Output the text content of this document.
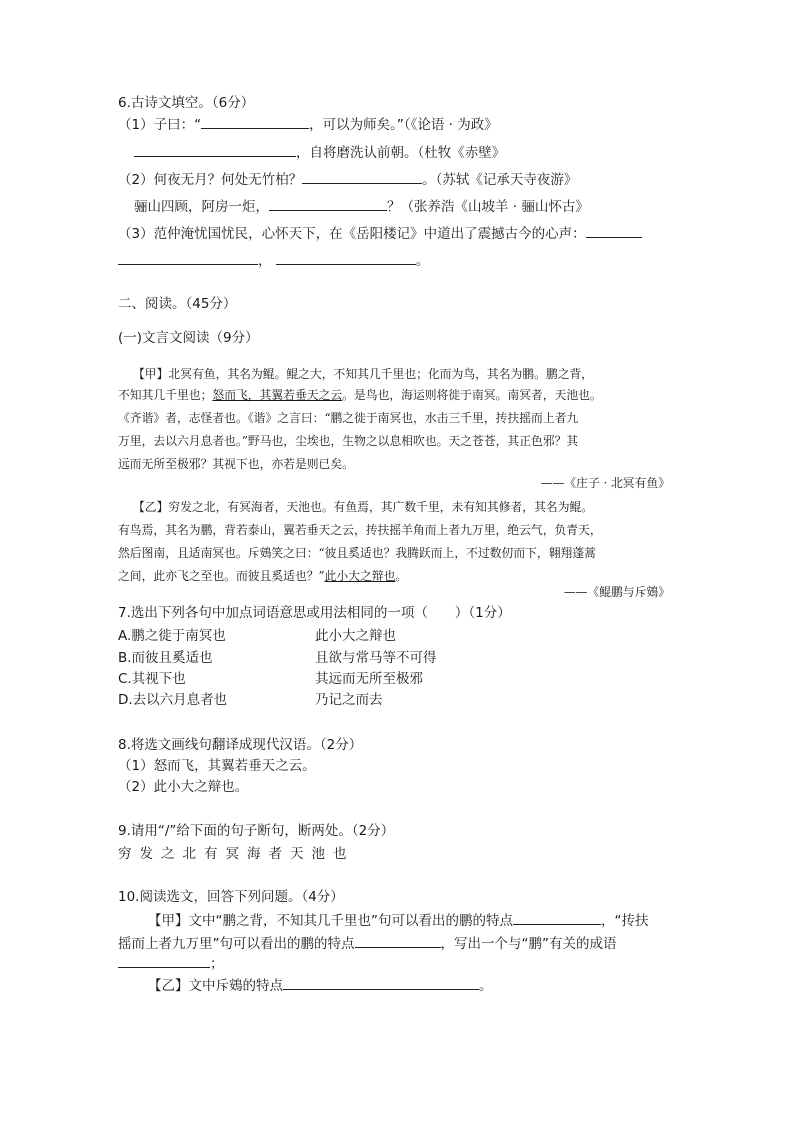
6.古诗文填空。（6分）
（1）子曰：“	，可以为师矣。”（《论语 · 为政》
，自将磨洗认前朝。（杜牧《赤壁》
（2）何夜无月？何处无竹柏？	。（苏轼《记承天寺夜游》
骊山四顾，阿房一炬，	？（张养浩《山坡羊 · 骊山怀古》
（3）范仲淹忧国忧民，心怀天下，在《岳阳楼记》中道出了震撼古今的心声：
，	。
二、阅读。（45分）
(一)文言文阅读（9分）
【甲】北冥有鱼，其名为鲲。鲲之大，不知其几千里也；化而为鸟，其名为鹏。鹏之背，
不知其几千里也；怒而飞，其翼若垂天之云。是鸟也，海运则将徙于南冥。南冥者，天池也。
《齐谐》者，志怪者也。《谐》之言曰：“鹏之徙于南冥也，水击三千里，抟扶摇而上者九
万里，去以六月息者也。”野马也，尘埃也，生物之以息相吹也。天之苍苍，其正色邪？其
远而无所至极邪？其视下也，亦若是则已矣。
——《庄子 · 北冥有鱼》
【乙】穷发之北，有冥海者，天池也。有鱼焉，其广数千里，未有知其修者，其名为鲲。
有鸟焉，其名为鹏，背若泰山，翼若垂天之云，抟扶摇羊角而上者九万里，绝云气，负青天，
然后图南，且适南冥也。斥鴳笑之曰：“彼且奚适也？我腾跃而上，不过数仞而下，翱翔蓬蒿
之间，此亦飞之至也。而彼且奚适也？”此小大之辩也。
——《鲲鹏与斥鴳》
7.选出下列各句中加点词语意思或用法相同的一项（　　）（1分）
A.鹏之徙于南冥也	此小大之辩也
B.而彼且奚适也	且欲与常马等不可得
C.其视下也	其远而无所至极邪
D.去以六月息者也	乃记之而去
8.将选文画线句翻译成现代汉语。（2分）
（1）怒而飞，其翼若垂天之云。
（2）此小大之辩也。
9.请用“/”给下面的句子断句，断两处。（2分）
穷发之北有冥海者天池也
10.阅读选文，回答下列问题。（4分）
【甲】文中“鹏之背，不知其几千里也”句可以看出的鹏的特点	，“抟扶
摇而上者九万里”句可以看出的鹏的特点	，写出一个与“鹏”有关的成语
；
【乙】文中斥鴳的特点	。
